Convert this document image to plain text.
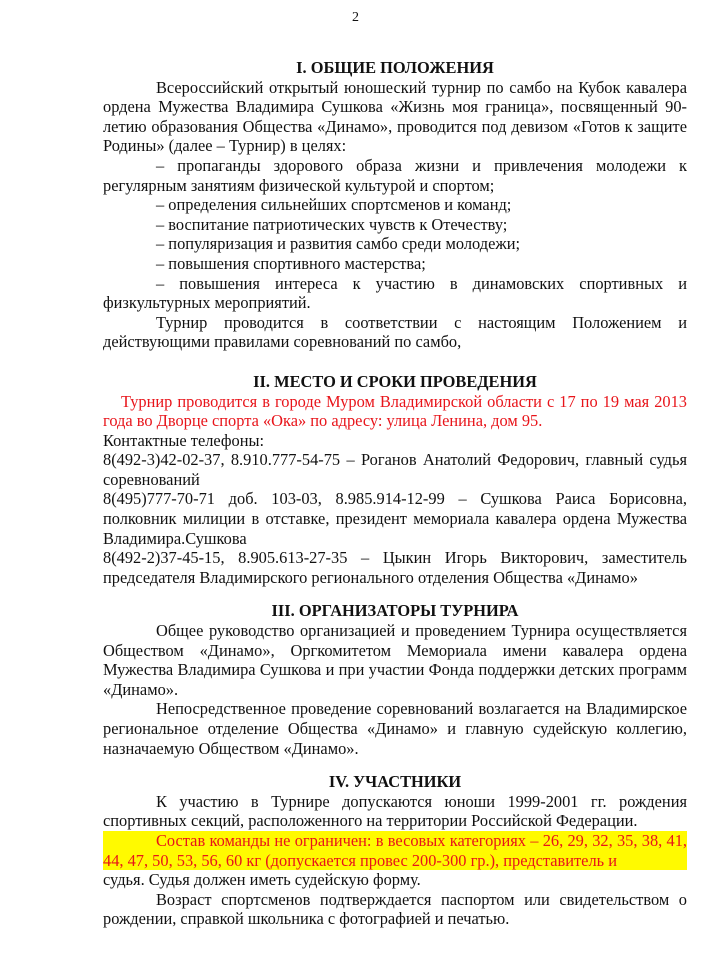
2
I. ОБЩИЕ ПОЛОЖЕНИЯ

Всероссийский открытый юношеский турнир по самбо на Кубок кавалера ордена Мужества Владимира Сушкова «Жизнь моя граница», посвященный 90-летию образования Общества «Динамо», проводится под девизом «Готов к защите Родины» (далее – Турнир) в целях:

– пропаганды здорового образа жизни и привлечения молодежи к регулярным занятиям физической культурой и спортом;

– определения сильнейших спортсменов и команд;

– воспитание патриотических чувств к Отечеству;

– популяризация и развития самбо среди молодежи;

– повышения спортивного мастерства;

– повышения интереса к участию в динамовских спортивных и физкультурных мероприятий.

Турнир проводится в соответствии с настоящим Положением и действующими правилами соревнований по самбо,

II. МЕСТО И СРОКИ ПРОВЕДЕНИЯ

Турнир проводится в городе Муром Владимирской области с 17 по 19 мая 2013 года во Дворце спорта «Ока» по адресу: улица Ленина, дом 95.

Контактные телефоны:

8(492-3)42-02-37, 8.910.777-54-75 – Роганов Анатолий Федорович, главный судья соревнований

8(495)777-70-71 доб. 103-03, 8.985.914-12-99 – Сушкова Раиса Борисовна, полковник милиции в отставке, президент мемориала кавалера ордена Мужества Владимира.Сушкова

8(492-2)37-45-15, 8.905.613-27-35 – Цыкин Игорь Викторович, заместитель председателя Владимирского регионального отделения Общества «Динамо»

III. ОРГАНИЗАТОРЫ ТУРНИРА

Общее руководство организацией и проведением Турнира осуществляется Обществом «Динамо», Оргкомитетом Мемориала имени кавалера ордена Мужества Владимира Сушкова и при участии Фонда поддержки детских программ «Динамо».

Непосредственное проведение соревнований возлагается на Владимирское региональное отделение Общества «Динамо» и главную судейскую коллегию, назначаемую Обществом «Динамо».

IV. УЧАСТНИКИ

К участию в Турнире допускаются юноши 1999-2001 гг. рождения спортивных секций, расположенного на территории Российской Федерации.

Состав команды не ограничен: в весовых категориях – 26, 29, 32, 35, 38, 41, 44, 47, 50, 53, 56, 60 кг (допускается провес 200-300 гр.), представитель и

судья. Судья должен иметь судейскую форму.

Возраст спортсменов подтверждается паспортом или свидетельством о рождении, справкой школьника с фотографией и печатью.
